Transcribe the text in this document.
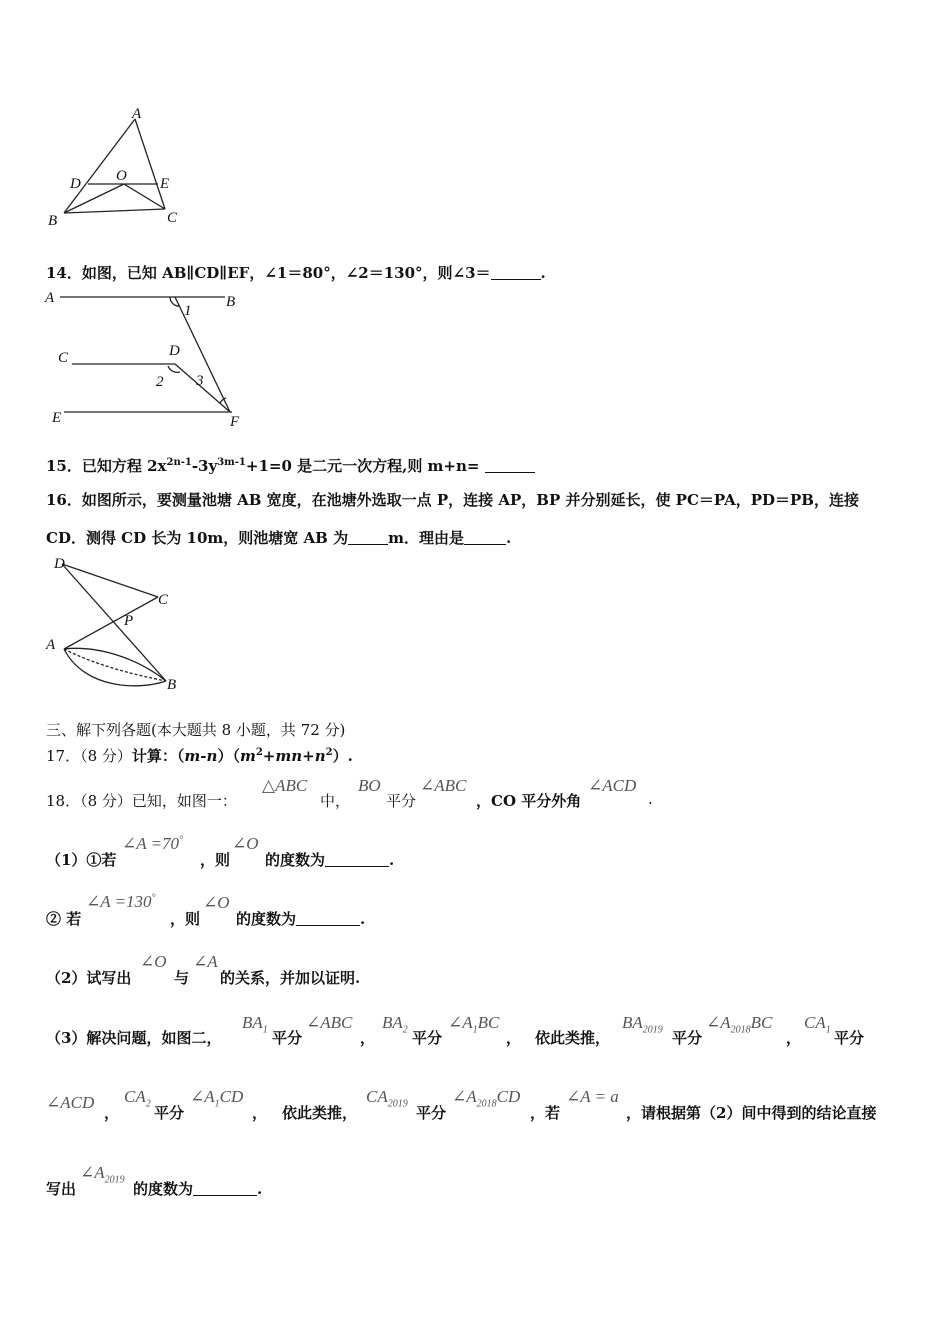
A
D O E
B	C
14．如图，已知 AB∥CD∥EF，∠1＝80°，∠2＝130°，则∠3＝	.
A	B
C	D
E	F
1
2 3
15．已知方程 $2x^{2n-1}-3y^{3m-1}+1=0$ 是二元一次方程,则 m+n=
16．如图所示，要测量池塘 AB 宽度，在池塘外选取一点 P，连接 AP，BP 并分别延长，使 PC＝PA，PD＝PB，连接
CD．测得 CD 长为 10m，则池塘宽 AB 为	m．理由是	.
D
C
P
A
B
三、解下列各题(本大题共 8 小题，共 72 分)
17．（8 分）计算：$(m-n)(m^2+mn+n^2)$.
18．（8 分）已知，如图一：
△ABC
中，
BO
平分
∠ABC
，CO 平分外角
∠ACD
.
（1）①若
∠A =70°
，则
∠O
的度数为	.
② 若
∠A =130°
，则
∠O
的度数为	.
（2）试写出
∠O
与
∠A
的关系，并加以证明.
（3）解决问题，如图二，
$BA_1$ 平分
∠ABC
，
$BA_2$ 平分
$\angle A_1BC$
， 依此类推，
$BA_{2019}$ 平分
$\angle A_{2018}BC$
，
$CA_1$ 平分
∠ACD
，
$CA_2$
平分
$\angle A_1CD$
， 依此类推，
$CA_{2019}$
平分
$\angle A_{2018}CD$
，若
∠A = a
，请根据第（2）间中得到的结论直接
写出
$\angle A_{2019}$
的度数为	.
